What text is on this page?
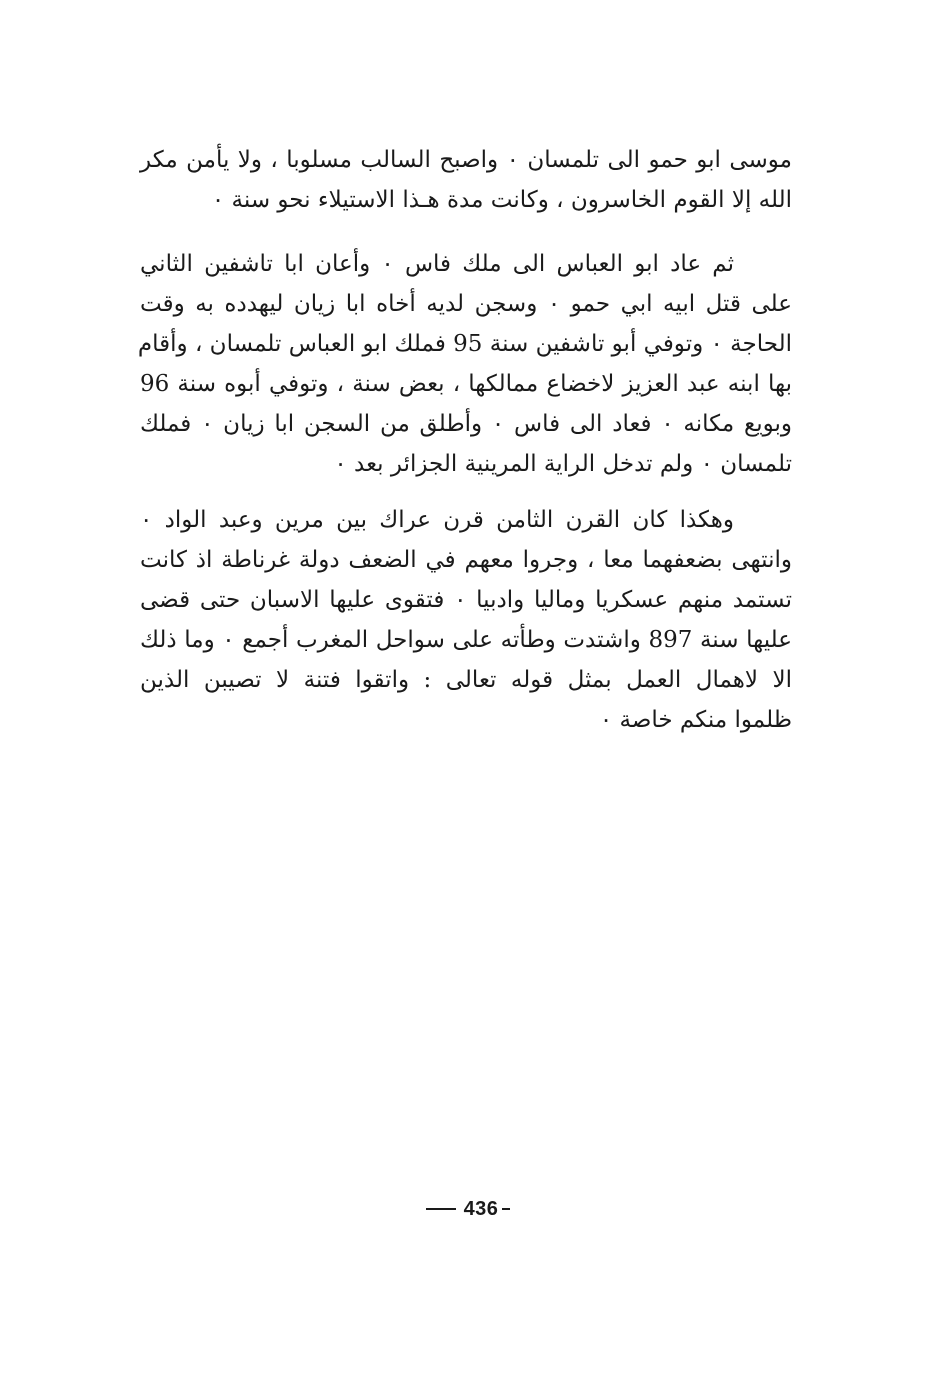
موسى ابو حمو الى تلمسان ٠ واصبح السالب مسلوبا ، ولا يأمن مكر
الله إلا القوم الخاسرون ، وكانت مدة هـذا الاستيلاء نحو سنة ٠
ثم عاد ابو العباس الى ملك فاس ٠ وأعان ابا تاشفين الثاني
على قتل ابيه ابي حمو ٠ وسجن لديه أخاه ابا زيان ليهدده به وقت
الحاجة ٠ وتوفي أبو تاشفين سنة 95 فملك ابو العباس تلمسان ، وأقام
بها ابنه عبد العزيز لاخضاع ممالكها ، بعض سنة ، وتوفي أبوه سنة 96
وبويع مكانه ٠ فعاد الى فاس ٠ وأطلق من السجن ابا زيان ٠ فملك
تلمسان ٠ ولم تدخل الراية المرينية الجزائر بعد ٠
وهكذا كان القرن الثامن قرن عراك بين مرين وعبد الواد ٠
وانتهى بضعفهما معا ، وجروا معهم في الضعف دولة غرناطة اذ كانت
تستمد منهم عسكريا وماليا وادبيا ٠ فتقوى عليها الاسبان حتى قضى
عليها سنة 897 واشتدت وطأته على سواحل المغرب أجمع ٠ وما ذلك
الا لاهمال العمل بمثل قوله تعالى : واتقوا فتنة لا تصيبن الذين
ظلموا منكم خاصة ٠
436
